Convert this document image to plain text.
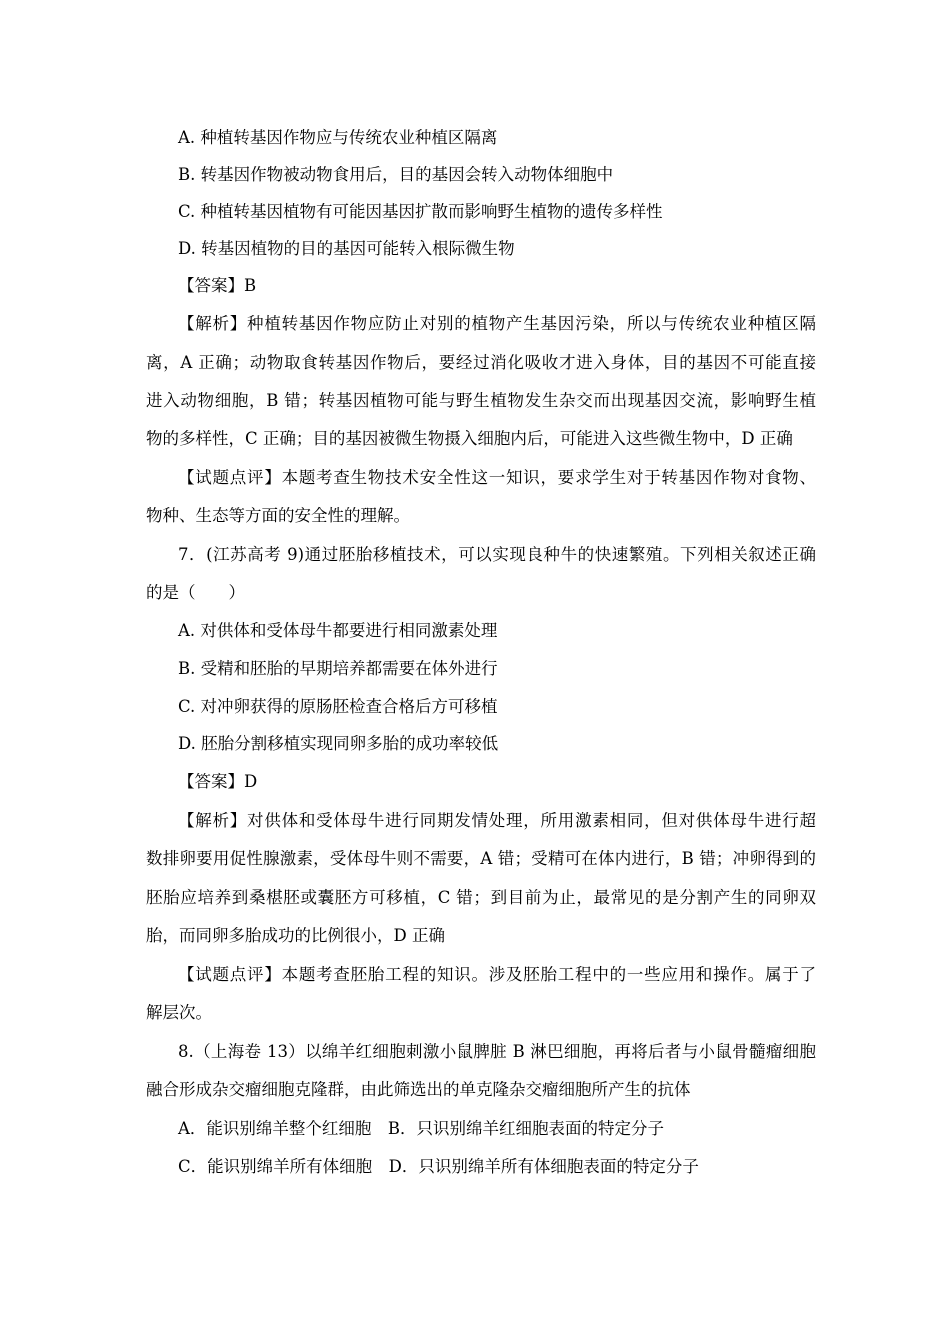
A. 种植转基因作物应与传统农业种植区隔离
B. 转基因作物被动物食用后，目的基因会转入动物体细胞中
C. 种植转基因植物有可能因基因扩散而影响野生植物的遗传多样性
D. 转基因植物的目的基因可能转入根际微生物
【答案】B
【解析】种植转基因作物应防止对别的植物产生基因污染，所以与传统农业种植区隔
离，A 正确；动物取食转基因作物后，要经过消化吸收才进入身体，目的基因不可能直接
进入动物细胞，B 错；转基因植物可能与野生植物发生杂交而出现基因交流，影响野生植
物的多样性，C 正确；目的基因被微生物摄入细胞内后，可能进入这些微生物中，D 正确
【试题点评】本题考查生物技术安全性这一知识，要求学生对于转基因作物对食物、
物种、生态等方面的安全性的理解。
7．(江苏高考 9)通过胚胎移植技术，可以实现良种牛的快速繁殖。下列相关叙述正确
的是（　　）
A. 对供体和受体母牛都要进行相同激素处理
B. 受精和胚胎的早期培养都需要在体外进行
C. 对冲卵获得的原肠胚检查合格后方可移植
D. 胚胎分割移植实现同卵多胎的成功率较低
【答案】D
【解析】对供体和受体母牛进行同期发情处理，所用激素相同，但对供体母牛进行超
数排卵要用促性腺激素，受体母牛则不需要，A 错；受精可在体内进行，B 错；冲卵得到的
胚胎应培养到桑椹胚或囊胚方可移植，C 错；到目前为止，最常见的是分割产生的同卵双
胎，而同卵多胎成功的比例很小，D 正确
【试题点评】本题考查胚胎工程的知识。涉及胚胎工程中的一些应用和操作。属于了
解层次。
8.（上海卷 13）以绵羊红细胞刺激小鼠脾脏 B 淋巴细胞，再将后者与小鼠骨髓瘤细胞
融合形成杂交瘤细胞克隆群，由此筛选出的单克隆杂交瘤细胞所产生的抗体
A．能识别绵羊整个红细胞　B．只识别绵羊红细胞表面的特定分子
C．能识别绵羊所有体细胞　D．只识别绵羊所有体细胞表面的特定分子
